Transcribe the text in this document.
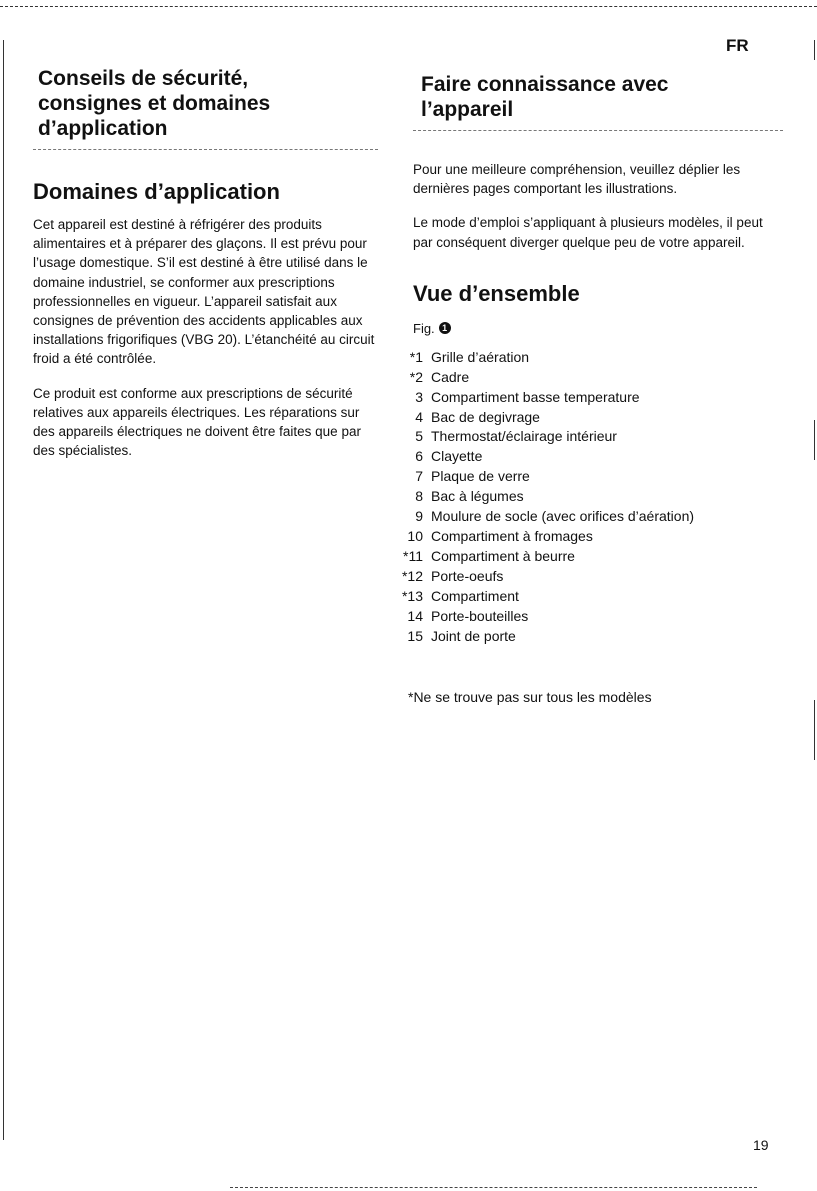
FR
Conseils de sécurité,
consignes et domaines
d’application
Domaines d’application

Cet appareil est destiné à réfrigérer des produits alimentaires et à préparer des glaçons. Il est prévu pour l’usage domestique. S’il est destiné à être utilisé dans le domaine industriel, se conformer aux prescriptions professionnelles en vigueur. L’appareil satisfait aux consignes de prévention des accidents applicables aux installations frigorifiques (VBG 20). L’étanchéité au circuit froid a été contrôlée.

Ce produit est conforme aux prescriptions de sécurité relatives aux appareils électriques. Les réparations sur des appareils électriques ne doivent être faites que par des spécialistes.

Faire connaissance avec
l’appareil

Pour une meilleure compréhension, veuillez déplier les dernières pages comportant les illustrations.

Le mode d’emploi s’appliquant à plusieurs modèles, il peut par conséquent diverger quelque peu de votre appareil.

Vue d’ensemble
Fig. 1
*1 Grille d’aération
*2 Cadre
3 Compartiment basse temperature
4 Bac de degivrage
5 Thermostat/éclairage intérieur
6 Clayette
7 Plaque de verre
8 Bac à légumes
9 Moulure de socle (avec orifices d’aération)
10 Compartiment à fromages
*11 Compartiment à beurre
*12 Porte-oeufs
*13 Compartiment
14 Porte-bouteilles
15 Joint de porte
*Ne se trouve pas sur tous les modèles
19
